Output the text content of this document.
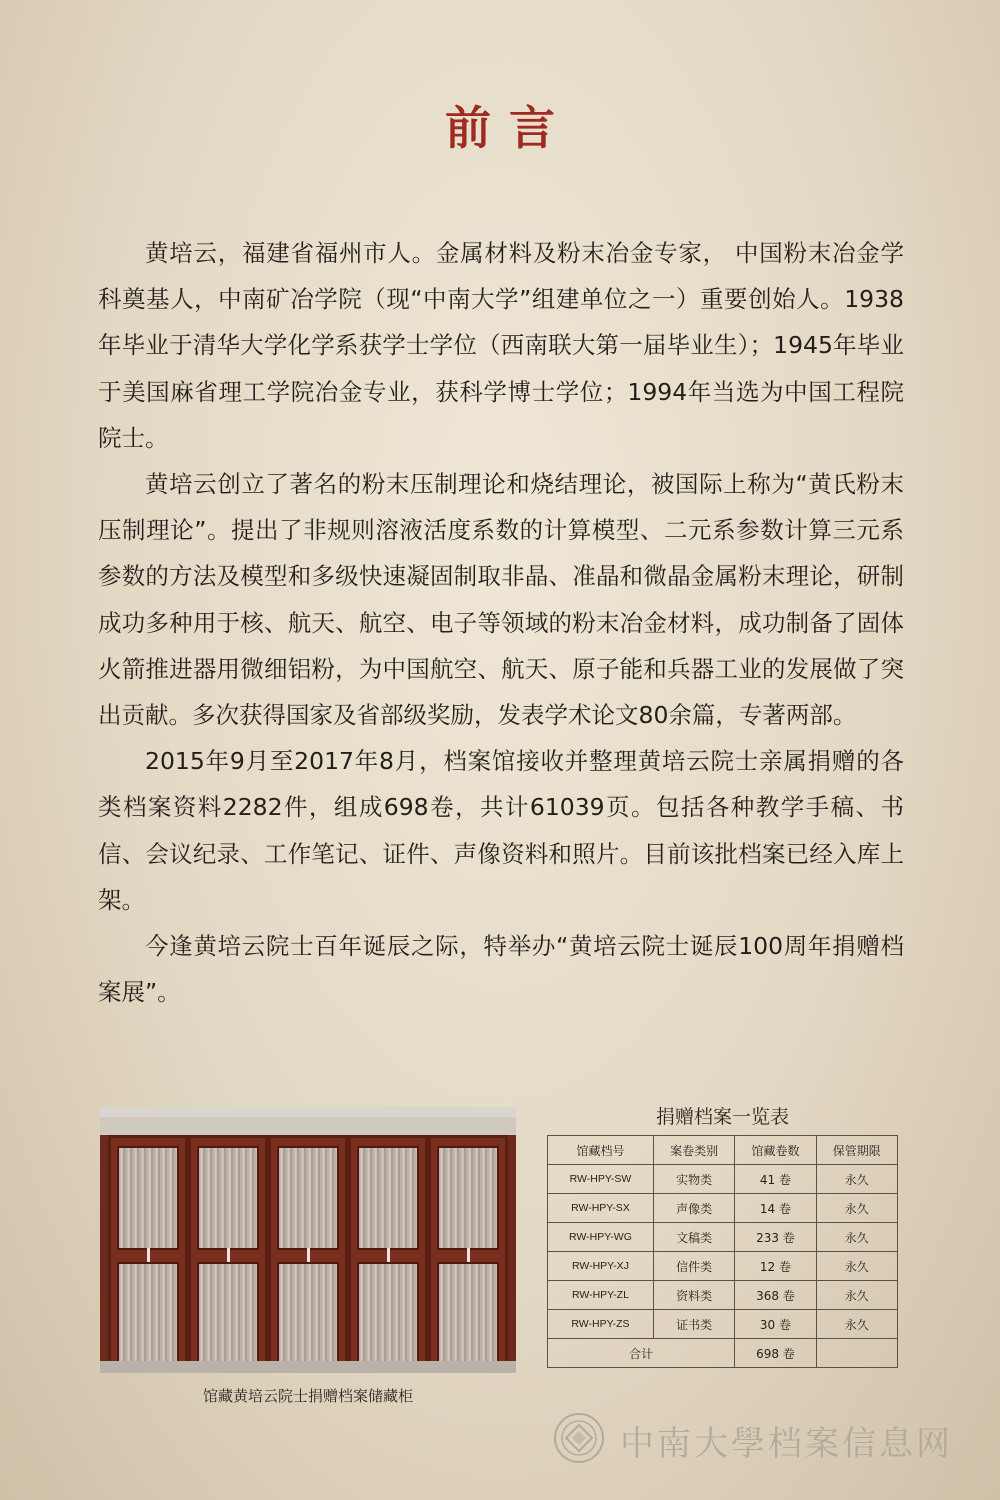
前言

黄培云，福建省福州市人。金属材料及粉末冶金专家， 中国粉末冶金学科奠基人，中南矿冶学院（现“中南大学”组建单位之一）重要创始人。1938年毕业于清华大学化学系获学士学位（西南联大第一届毕业生）；1945年毕业于美国麻省理工学院冶金专业，获科学博士学位；1994年当选为中国工程院院士。

黄培云创立了著名的粉末压制理论和烧结理论，被国际上称为“黄氏粉末压制理论”。提出了非规则溶液活度系数的计算模型、二元系参数计算三元系参数的方法及模型和多级快速凝固制取非晶、准晶和微晶金属粉末理论，研制成功多种用于核、航天、航空、电子等领域的粉末冶金材料，成功制备了固体火箭推进器用微细铝粉，为中国航空、航天、原子能和兵器工业的发展做了突出贡献。多次获得国家及省部级奖励，发表学术论文80余篇，专著两部。

2015年9月至2017年8月，档案馆接收并整理黄培云院士亲属捐赠的各类档案资料2282件，组成698卷，共计61039页。包括各种教学手稿、书信、会议纪录、工作笔记、证件、声像资料和照片。目前该批档案已经入库上架。

今逢黄培云院士百年诞辰之际，特举办“黄培云院士诞辰100周年捐赠档案展”。

馆藏黄培云院士捐赠档案储藏柜
捐赠档案一览表
馆藏档号	案卷类别	馆藏卷数	保管期限
RW-HPY-SW	实物类	41 卷	永久
RW-HPY-SX	声像类	14 卷	永久
RW-HPY-WG	文稿类	233 卷	永久
RW-HPY-XJ	信件类	12 卷	永久
RW-HPY-ZL	资料类	368 卷	永久
RW-HPY-ZS	证书类	30 卷	永久
合计		698 卷	
中南大學档案信息网
